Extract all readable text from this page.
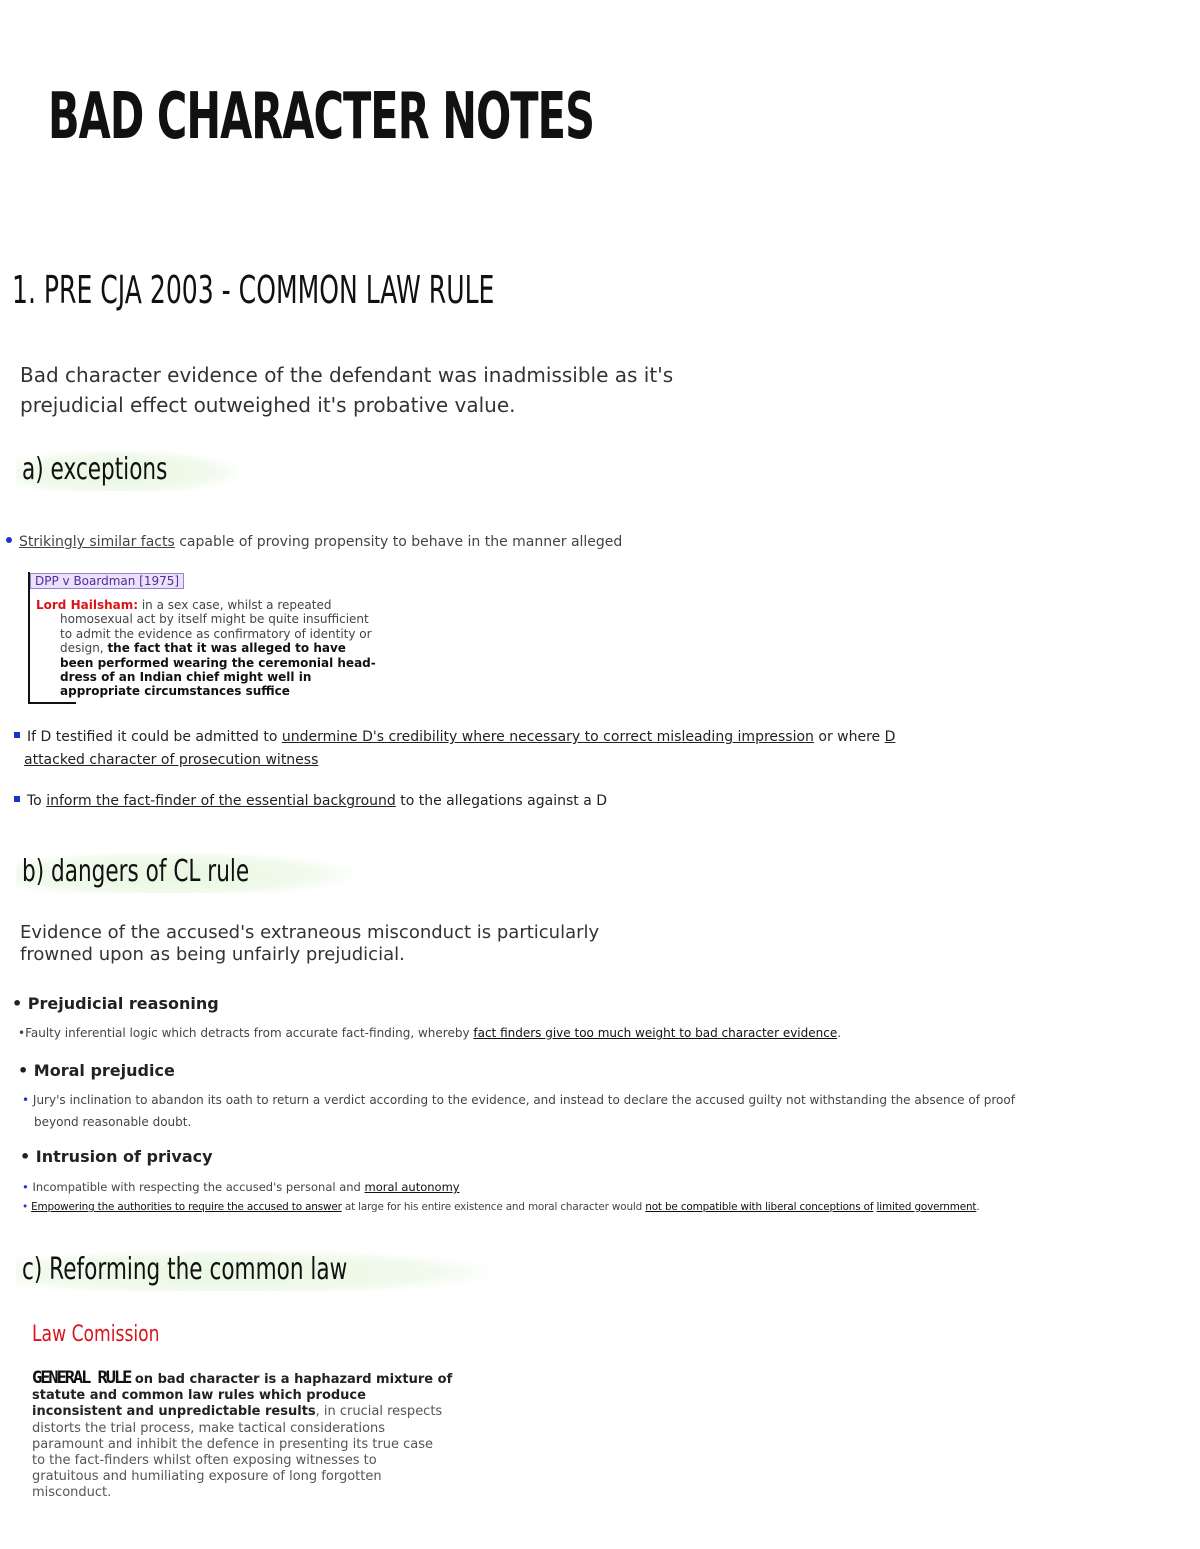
BAD CHARACTER NOTES
1. PRE CJA 2003 - COMMON LAW RULE
Bad character evidence of the defendant was inadmissible as it's
prejudicial effect outweighed it's probative value.
a) exceptions
Strikingly similar facts capable of proving propensity to behave in the manner alleged
DPP v Boardman [1975]
Lord Hailsham: in a sex case, whilst a repeated
homosexual act by itself might be quite insufficient
to admit the evidence as confirmatory of identity or
design, the fact that it was alleged to have
been performed wearing the ceremonial head-
dress of an Indian chief might well in
appropriate circumstances suffice
If D testified it could be admitted to undermine D's credibility where necessary to correct misleading impression or where D
attacked character of prosecution witness
To inform the fact-finder of the essential background to the allegations against a D
b) dangers of CL rule
Evidence of the accused's extraneous misconduct is particularly
frowned upon as being unfairly prejudicial.
• Prejudicial reasoning
•Faulty inferential logic which detracts from accurate fact-finding, whereby fact finders give too much weight to bad character evidence.
• Moral prejudice
• Jury's inclination to abandon its oath to return a verdict according to the evidence, and instead to declare the accused guilty not withstanding the absence of proof
beyond reasonable doubt.
• Intrusion of privacy
• Incompatible with respecting the accused's personal and moral autonomy
• Empowering the authorities to require the accused to answer at large for his entire existence and moral character would not be compatible with liberal conceptions of limited government.
c) Reforming the common law
Law Comission
GENERAL RULE on bad character is a haphazard mixture of
statute and common law rules which produce
inconsistent and unpredictable results, in crucial respects
distorts the trial process, make tactical considerations
paramount and inhibit the defence in presenting its true case
to the fact-finders whilst often exposing witnesses to
gratuitous and humiliating exposure of long forgotten
misconduct.
